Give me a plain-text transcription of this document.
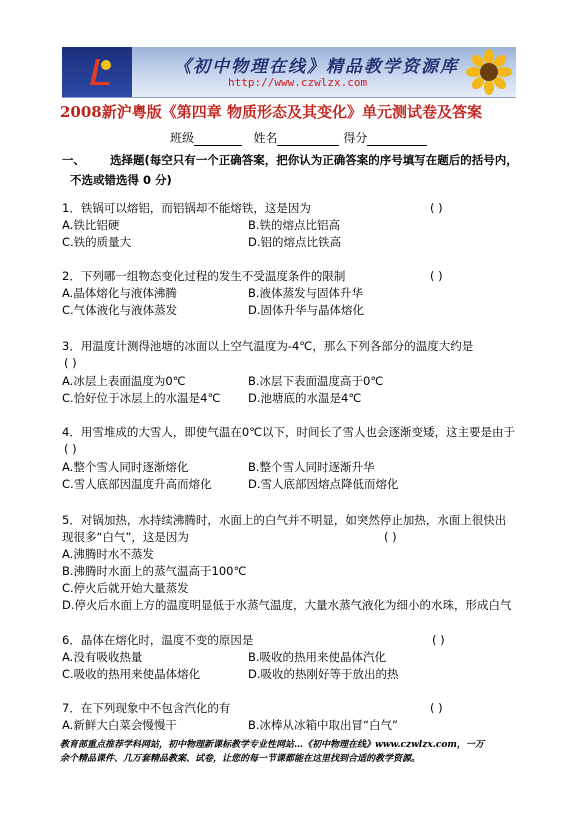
《初中物理在线》精品教学资源库
http://www.czwlzx.com
2008新沪粤版《第四章 物质形态及其变化》单元测试卷及答案
班级	姓名	得分
一、 选择题(每空只有一个正确答案，把你认为正确答案的序号填写在题后的括号内，
不选或错选得 0 分)
1．铁锅可以熔铝，而铝锅却不能熔铁，这是因为	( )
A.铁比铝硬	B.铁的熔点比铝高
C.铁的质量大	D.铝的熔点比铁高
2．下列哪一组物态变化过程的发生不受温度条件的限制	( )
A.晶体熔化与液体沸腾	B.液体蒸发与固体升华
C.气体液化与液体蒸发	D.固体升华与晶体熔化
3．用温度计测得池塘的冰面以上空气温度为-4℃，那么下列各部分的温度大约是
( )
A.冰层上表面温度为0℃	B.冰层下表面温度高于0℃
C.恰好位于冰层上的水温是4℃ D.池塘底的水温是4℃
4．用雪堆成的大雪人，即使气温在0℃以下，时间长了雪人也会逐渐变矮，这主要是由于
( )
A.整个雪人同时逐渐熔化	B.整个雪人同时逐渐升华
C.雪人底部因温度升高而熔化	D.雪人底部因熔点降低而熔化
5．对锅加热，水持续沸腾时，水面上的白气并不明显，如突然停止加热，水面上很快出
现很多“白气”，这是因为	( )
A.沸腾时水不蒸发
B.沸腾时水面上的蒸气温高于100℃
C.停火后就开始大量蒸发
D.停火后水面上方的温度明显低于水蒸气温度，大量水蒸气液化为细小的水珠，形成白气
6．晶体在熔化时，温度不变的原因是	( )
A.没有吸收热量	B.吸收的热用来使晶体汽化
C.吸收的热用来使晶体熔化	D.吸收的热刚好等于放出的热
7．在下列现象中不包含汽化的有	( )
A.新鲜大白菜会慢慢干	B.冰棒从冰箱中取出冒“白气”
教育部重点推荐学科网站，初中物理新课标教学专业性网站…《初中物理在线》www.czwlzx.com，一万
余个精品课件、几万套精品教案、试卷，让您的每一节课都能在这里找到合适的教学资源。
